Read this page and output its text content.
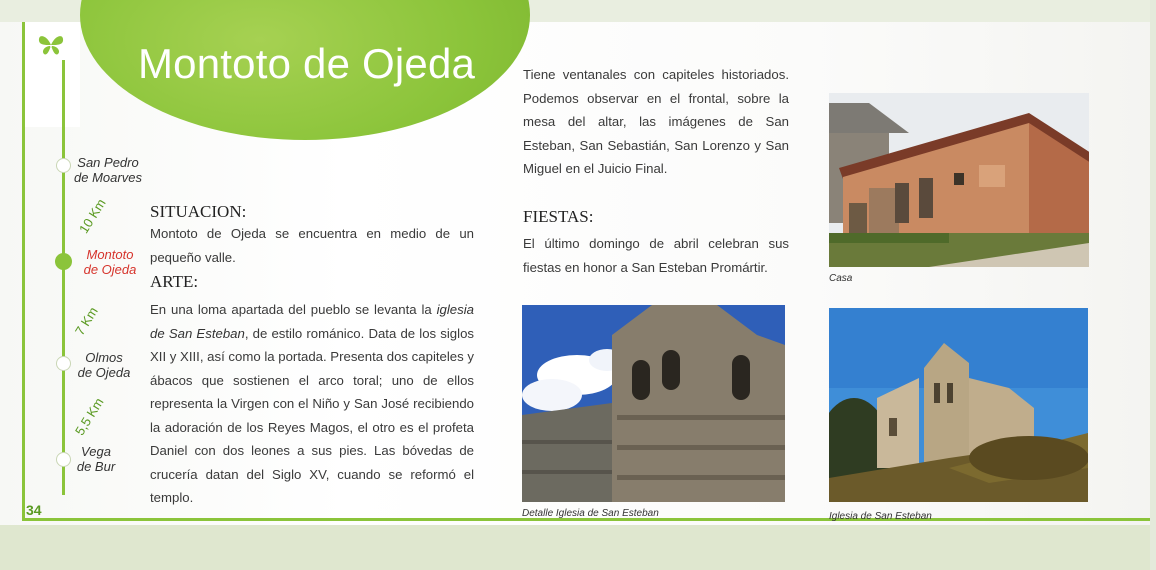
Montoto de Ojeda
San Pedro
de Moarves
10 Km
Montoto
de Ojeda
7 Km
Olmos
de Ojeda
5,5 Km
Vega
de Bur
34
SITUACION:
Montoto de Ojeda se encuentra en medio de un pequeño valle.
ARTE:
En una loma apartada del pueblo se levanta la iglesia de San Esteban, de estilo románico. Data de los siglos XII y XIII, así como la portada. Presenta dos capiteles y ábacos que sostienen el arco toral; uno de ellos representa la Virgen con el Niño y San José recibiendo la adoración de los Reyes Magos, el otro es el profeta Daniel con dos leones a sus pies. Las bóvedas de crucería datan del Siglo XV, cuando se reformó el templo.
Tiene ventanales con capiteles historiados. Podemos observar en el frontal, sobre la mesa del altar, las imágenes de San Esteban, San Sebastián, San Lorenzo y San Miguel en el Juicio Final.
FIESTAS:
El último domingo de abril celebran sus fiestas en honor a San Esteban Promártir.
Casa
Detalle Iglesia de San Esteban	Iglesia de San Esteban
